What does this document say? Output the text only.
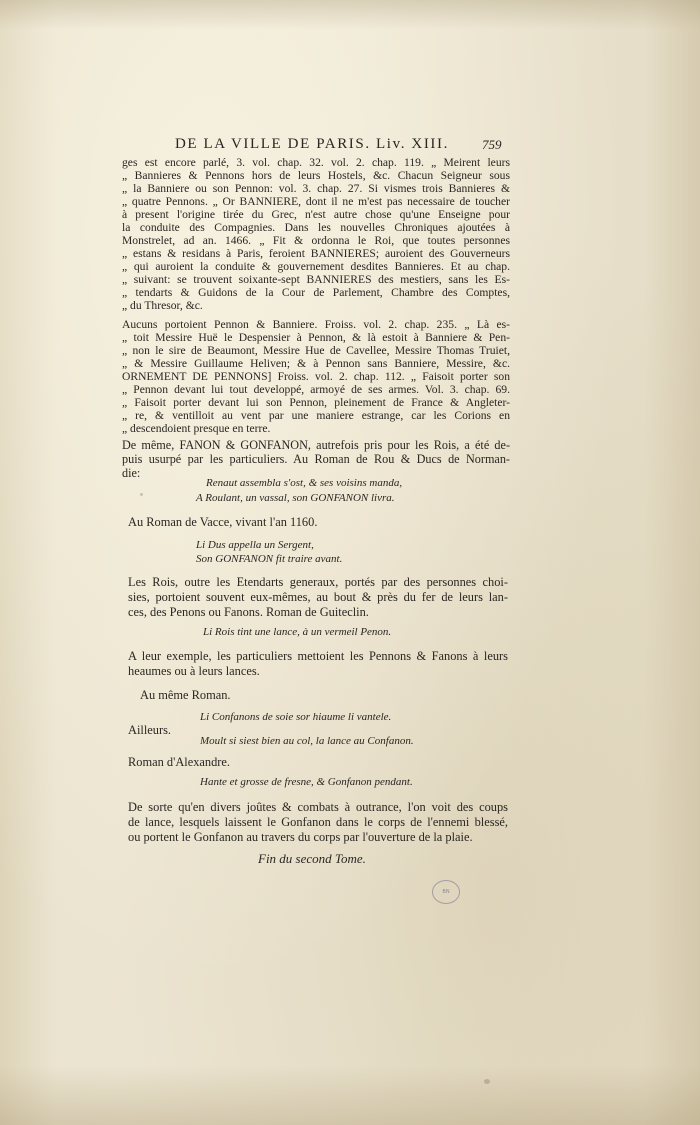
DE LA VILLE DE PARIS. Liv. XIII.	759
ges est encore parlé, 3. vol. chap. 32. vol. 2. chap. 119. „ Meirent leurs
„ Bannieres & Pennons hors de leurs Hostels, &c. Chacun Seigneur sous
„ la Banniere ou son Pennon: vol. 3. chap. 27. Si vismes trois Bannieres &
„ quatre Pennons. „ Or BANNIERE, dont il ne m'est pas necessaire de toucher
à present l'origine tirée du Grec, n'est autre chose qu'une Enseigne pour
la conduite des Compagnies. Dans les nouvelles Chroniques ajoutées à
Monstrelet, ad an. 1466. „ Fit & ordonna le Roi, que toutes personnes
„ estans & residans à Paris, feroient BANNIERES; auroient des Gouverneurs
„ qui auroient la conduite & gouvernement desdites Bannieres. Et au chap.
„ suivant: se trouvent soixante-sept BANNIERES des mestiers, sans les Es-
„ tendarts & Guidons de la Cour de Parlement, Chambre des Comptes,
„ du Thresor, &c.
Aucuns portoient Pennon & Banniere. Froiss. vol. 2. chap. 235. „ Là es-
„ toit Messire Huë le Despensier à Pennon, & là estoit à Banniere & Pen-
„ non le sire de Beaumont, Messire Hue de Cavellee, Messire Thomas Truiet,
„ & Messire Guillaume Heliven; & à Pennon sans Banniere, Messire, &c.
ORNEMENT DE PENNONS] Froiss. vol. 2. chap. 112. „ Faisoit porter son
„ Pennon devant lui tout developpé, armoyé de ses armes. Vol. 3. chap. 69.
„ Faisoit porter devant lui son Pennon, pleinement de France & Angleter-
„ re, & ventilloit au vent par une maniere estrange, car les Corions en
„ descendoient presque en terre.
De même, FANON & GONFANON, autrefois pris pour les Rois, a été de-
puis usurpé par les particuliers. Au Roman de Rou & Ducs de Norman-
die:
Renaut assembla s'ost, & ses voisins manda,
A Roulant, un vassal, son GONFANON livra.
Au Roman de Vacce, vivant l'an 1160.
Li Dus appella un Sergent,
Son GONFANON fit traire avant.
Les Rois, outre les Etendarts generaux, portés par des personnes choi-
sies, portoient souvent eux-mêmes, au bout & près du fer de leurs lan-
ces, des Penons ou Fanons. Roman de Guiteclin.
Li Rois tint une lance, à un vermeil Penon.
A leur exemple, les particuliers mettoient les Pennons & Fanons à leurs
heaumes ou à leurs lances.
Au même Roman.
Li Confanons de soie sor hiaume li vantele.
Ailleurs.
Moult si siest bien au col, la lance au Confanon.
Roman d'Alexandre.
Hante et grosse de fresne, & Gonfanon pendant.
De sorte qu'en divers joûtes & combats à outrance, l'on voit des coups
de lance, lesquels laissent le Gonfanon dans le corps de l'ennemi blessé,
ou portent le Gonfanon au travers du corps par l'ouverture de la plaie.
Fin du second Tome.
BN
